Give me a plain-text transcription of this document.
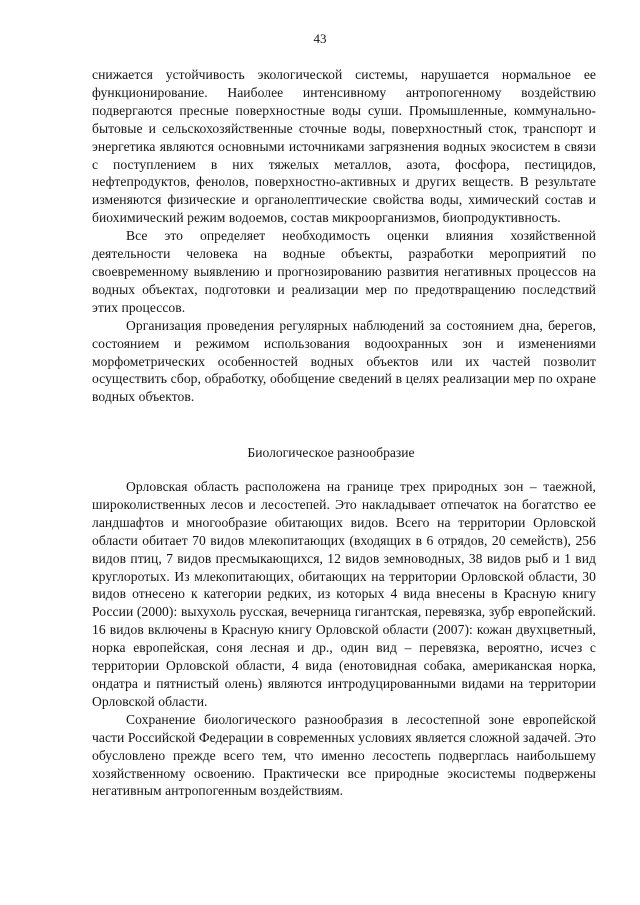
43

снижается устойчивость экологической системы, нарушается нормальное ее функционирование. Наиболее интенсивному антропогенному воздействию подвергаются пресные поверхностные воды суши. Промышленные, коммунально-бытовые и сельскохозяйственные сточные воды, поверхностный сток, транспорт и энергетика являются основными источниками загрязнения водных экосистем в связи с поступлением в них тяжелых металлов, азота, фосфора, пестицидов, нефтепродуктов, фенолов, поверхностно-активных и других веществ. В результате изменяются физические и органолептические свойства воды, химический состав и биохимический режим водоемов, состав микроорганизмов, биопродуктивность.

Все это определяет необходимость оценки влияния хозяйственной деятельности человека на водные объекты, разработки мероприятий по своевременному выявлению и прогнозированию развития негативных процессов на водных объектах, подготовки и реализации мер по предотвращению последствий этих процессов.

Организация проведения регулярных наблюдений за состоянием дна, берегов, состоянием и режимом использования водоохранных зон и изменениями морфометрических особенностей водных объектов или их частей позволит осуществить сбор, обработку, обобщение сведений в целях реализации мер по охране водных объектов.

Биологическое разнообразие

Орловская область расположена на границе трех природных зон – таежной, широколиственных лесов и лесостепей. Это накладывает отпечаток на богатство ее ландшафтов и многообразие обитающих видов. Всего на территории Орловской области обитает 70 видов млекопитающих (входящих в 6 отрядов, 20 семейств), 256 видов птиц, 7 видов пресмыкающихся, 12 видов земноводных, 38 видов рыб и 1 вид круглоротых. Из млекопитающих, обитающих на территории Орловской области, 30 видов отнесено к категории редких, из которых 4 вида внесены в Красную книгу России (2000): выхухоль русская, вечерница гигантская, перевязка, зубр европейский. 16 видов включены в Красную книгу Орловской области (2007): кожан двухцветный, норка европейская, соня лесная и др., один вид – перевязка, вероятно, исчез с территории Орловской области, 4 вида (енотовидная собака, американская норка, ондатра и пятнистый олень) являются интродуцированными видами на территории Орловской области.

Сохранение биологического разнообразия в лесостепной зоне европейской части Российской Федерации в современных условиях является сложной задачей. Это обусловлено прежде всего тем, что именно лесостепь подверглась наибольшему хозяйственному освоению. Практически все природные экосистемы подвержены негативным антропогенным воздействиям.
